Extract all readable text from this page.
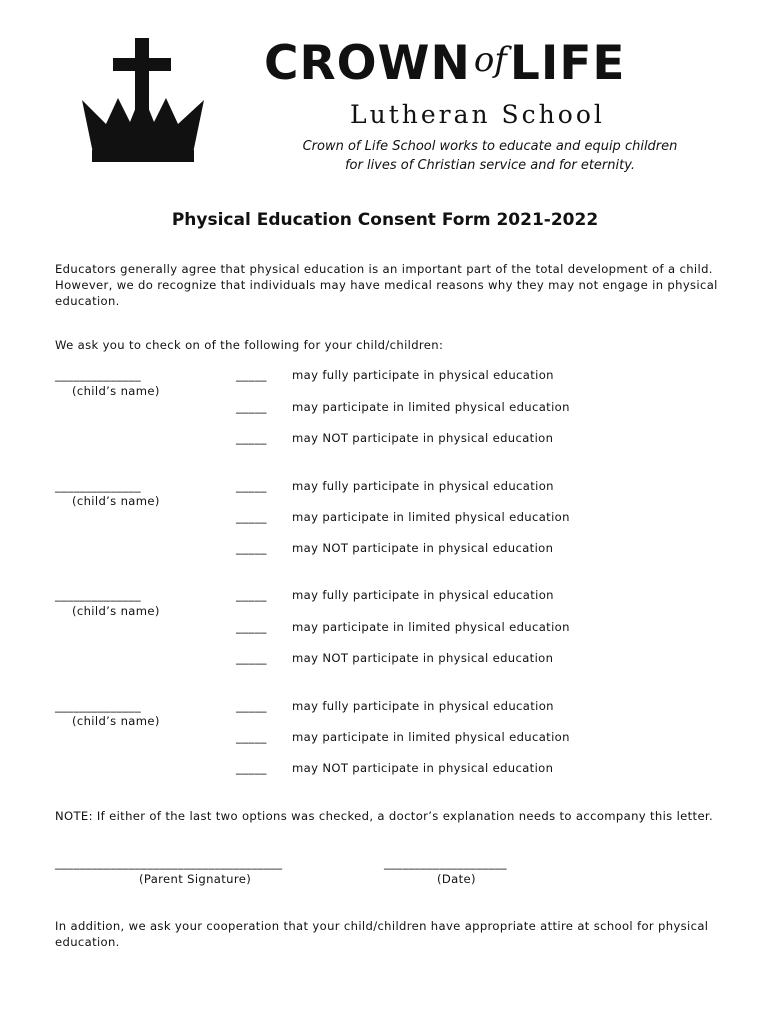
CROWNofLIFE
Lutheran School
Crown of Life School works to educate and equip children
for lives of Christian service and for eternity.
Physical Education Consent Form 2021-2022
Educators generally agree that physical education is an important part of the total development of a child. However, we do recognize that individuals may have medical reasons why they may not engage in physical education.
We ask you to check on of the following for your child/children:
______________
(child’s name)
_____ may fully participate in physical education
_____ may participate in limited physical education
_____ may NOT participate in physical education
______________
(child’s name)
_____ may fully participate in physical education
_____ may participate in limited physical education
_____ may NOT participate in physical education
______________
(child’s name)
_____ may fully participate in physical education
_____ may participate in limited physical education
_____ may NOT participate in physical education
______________
(child’s name)
_____ may fully participate in physical education
_____ may participate in limited physical education
_____ may NOT participate in physical education
NOTE: If either of the last two options was checked, a doctor’s explanation needs to accompany this letter.
_____________________________________	____________________
(Parent Signature)	(Date)
In addition, we ask your cooperation that your child/children have appropriate attire at school for physical education.
